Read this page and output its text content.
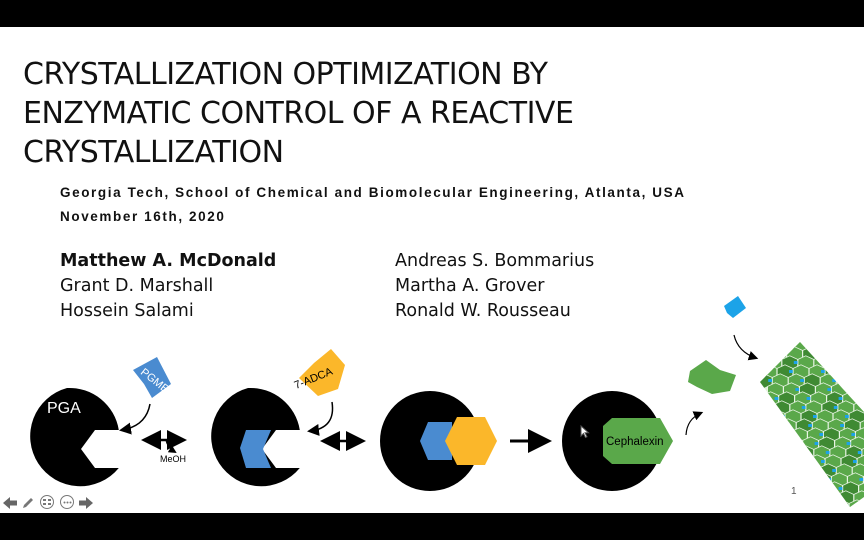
CRYSTALLIZATION OPTIMIZATION BY
ENZYMATIC CONTROL OF A REACTIVE
CRYSTALLIZATION
Georgia Tech, School of Chemical and Biomolecular Engineering, Atlanta, USA
November 16th, 2020
Matthew A. McDonald
Grant D. Marshall
Hossein Salami
Andreas S. Bommarius
Martha A. Grover
Ronald W. Rousseau
PGA
PGME
MeOH
7-ADCA
Cephalexin
1
